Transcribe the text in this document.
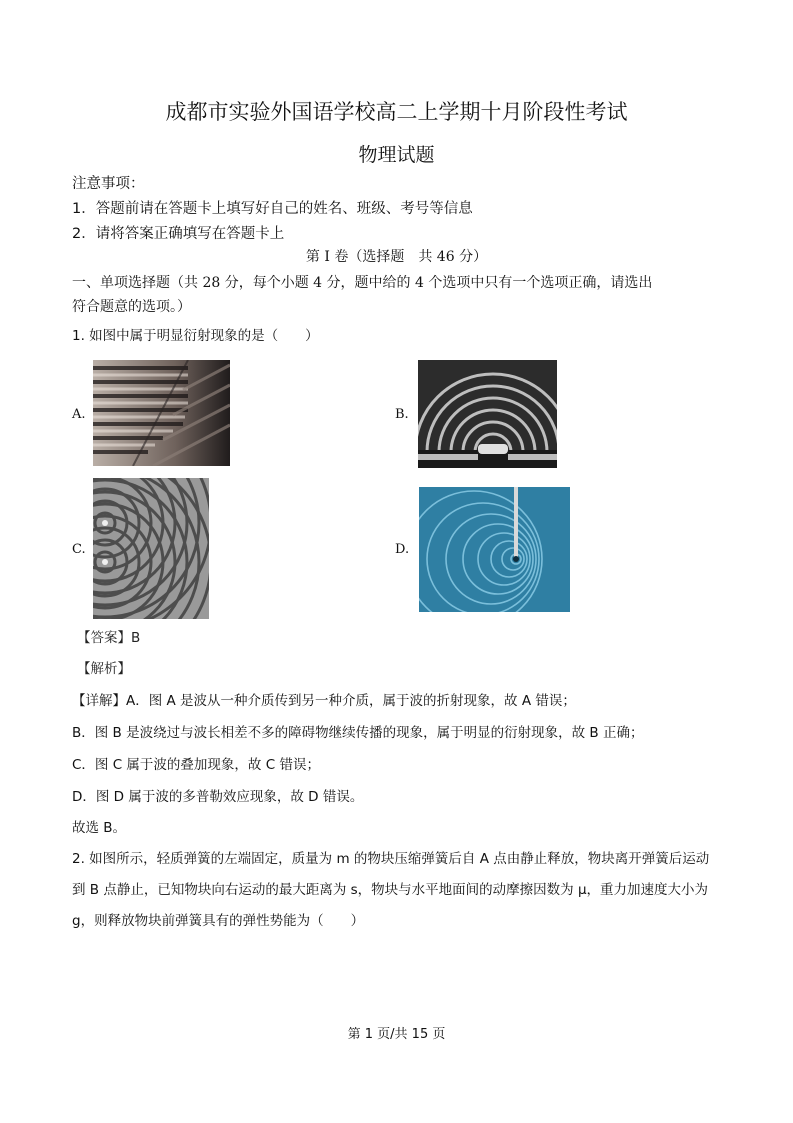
成都市实验外国语学校高二上学期十月阶段性考试
物理试题
注意事项：
1．答题前请在答题卡上填写好自己的姓名、班级、考号等信息
2．请将答案正确填写在答题卡上
第 I 卷（选择题　共 46 分）
一、单项选择题（共 28 分，每个小题 4 分，题中给的 4 个选项中只有一个选项正确，请选出
符合题意的选项。）
1. 如图中属于明显衍射现象的是（　　）
A.	B.
C.	D.
【答案】B
【解析】
【详解】A．图 A 是波从一种介质传到另一种介质，属于波的折射现象，故 A 错误；
B．图 B 是波绕过与波长相差不多的障碍物继续传播的现象，属于明显的衍射现象，故 B 正确；
C．图 C 属于波的叠加现象，故 C 错误；
D．图 D 属于波的多普勒效应现象，故 D 错误。
故选 B。
2. 如图所示，轻质弹簧的左端固定，质量为 m 的物块压缩弹簧后自 A 点由静止释放，物块离开弹簧后运动
到 B 点静止，已知物块向右运动的最大距离为 s，物块与水平地面间的动摩擦因数为 μ，重力加速度大小为
g，则释放物块前弹簧具有的弹性势能为（　　）
第 1 页/共 15 页
